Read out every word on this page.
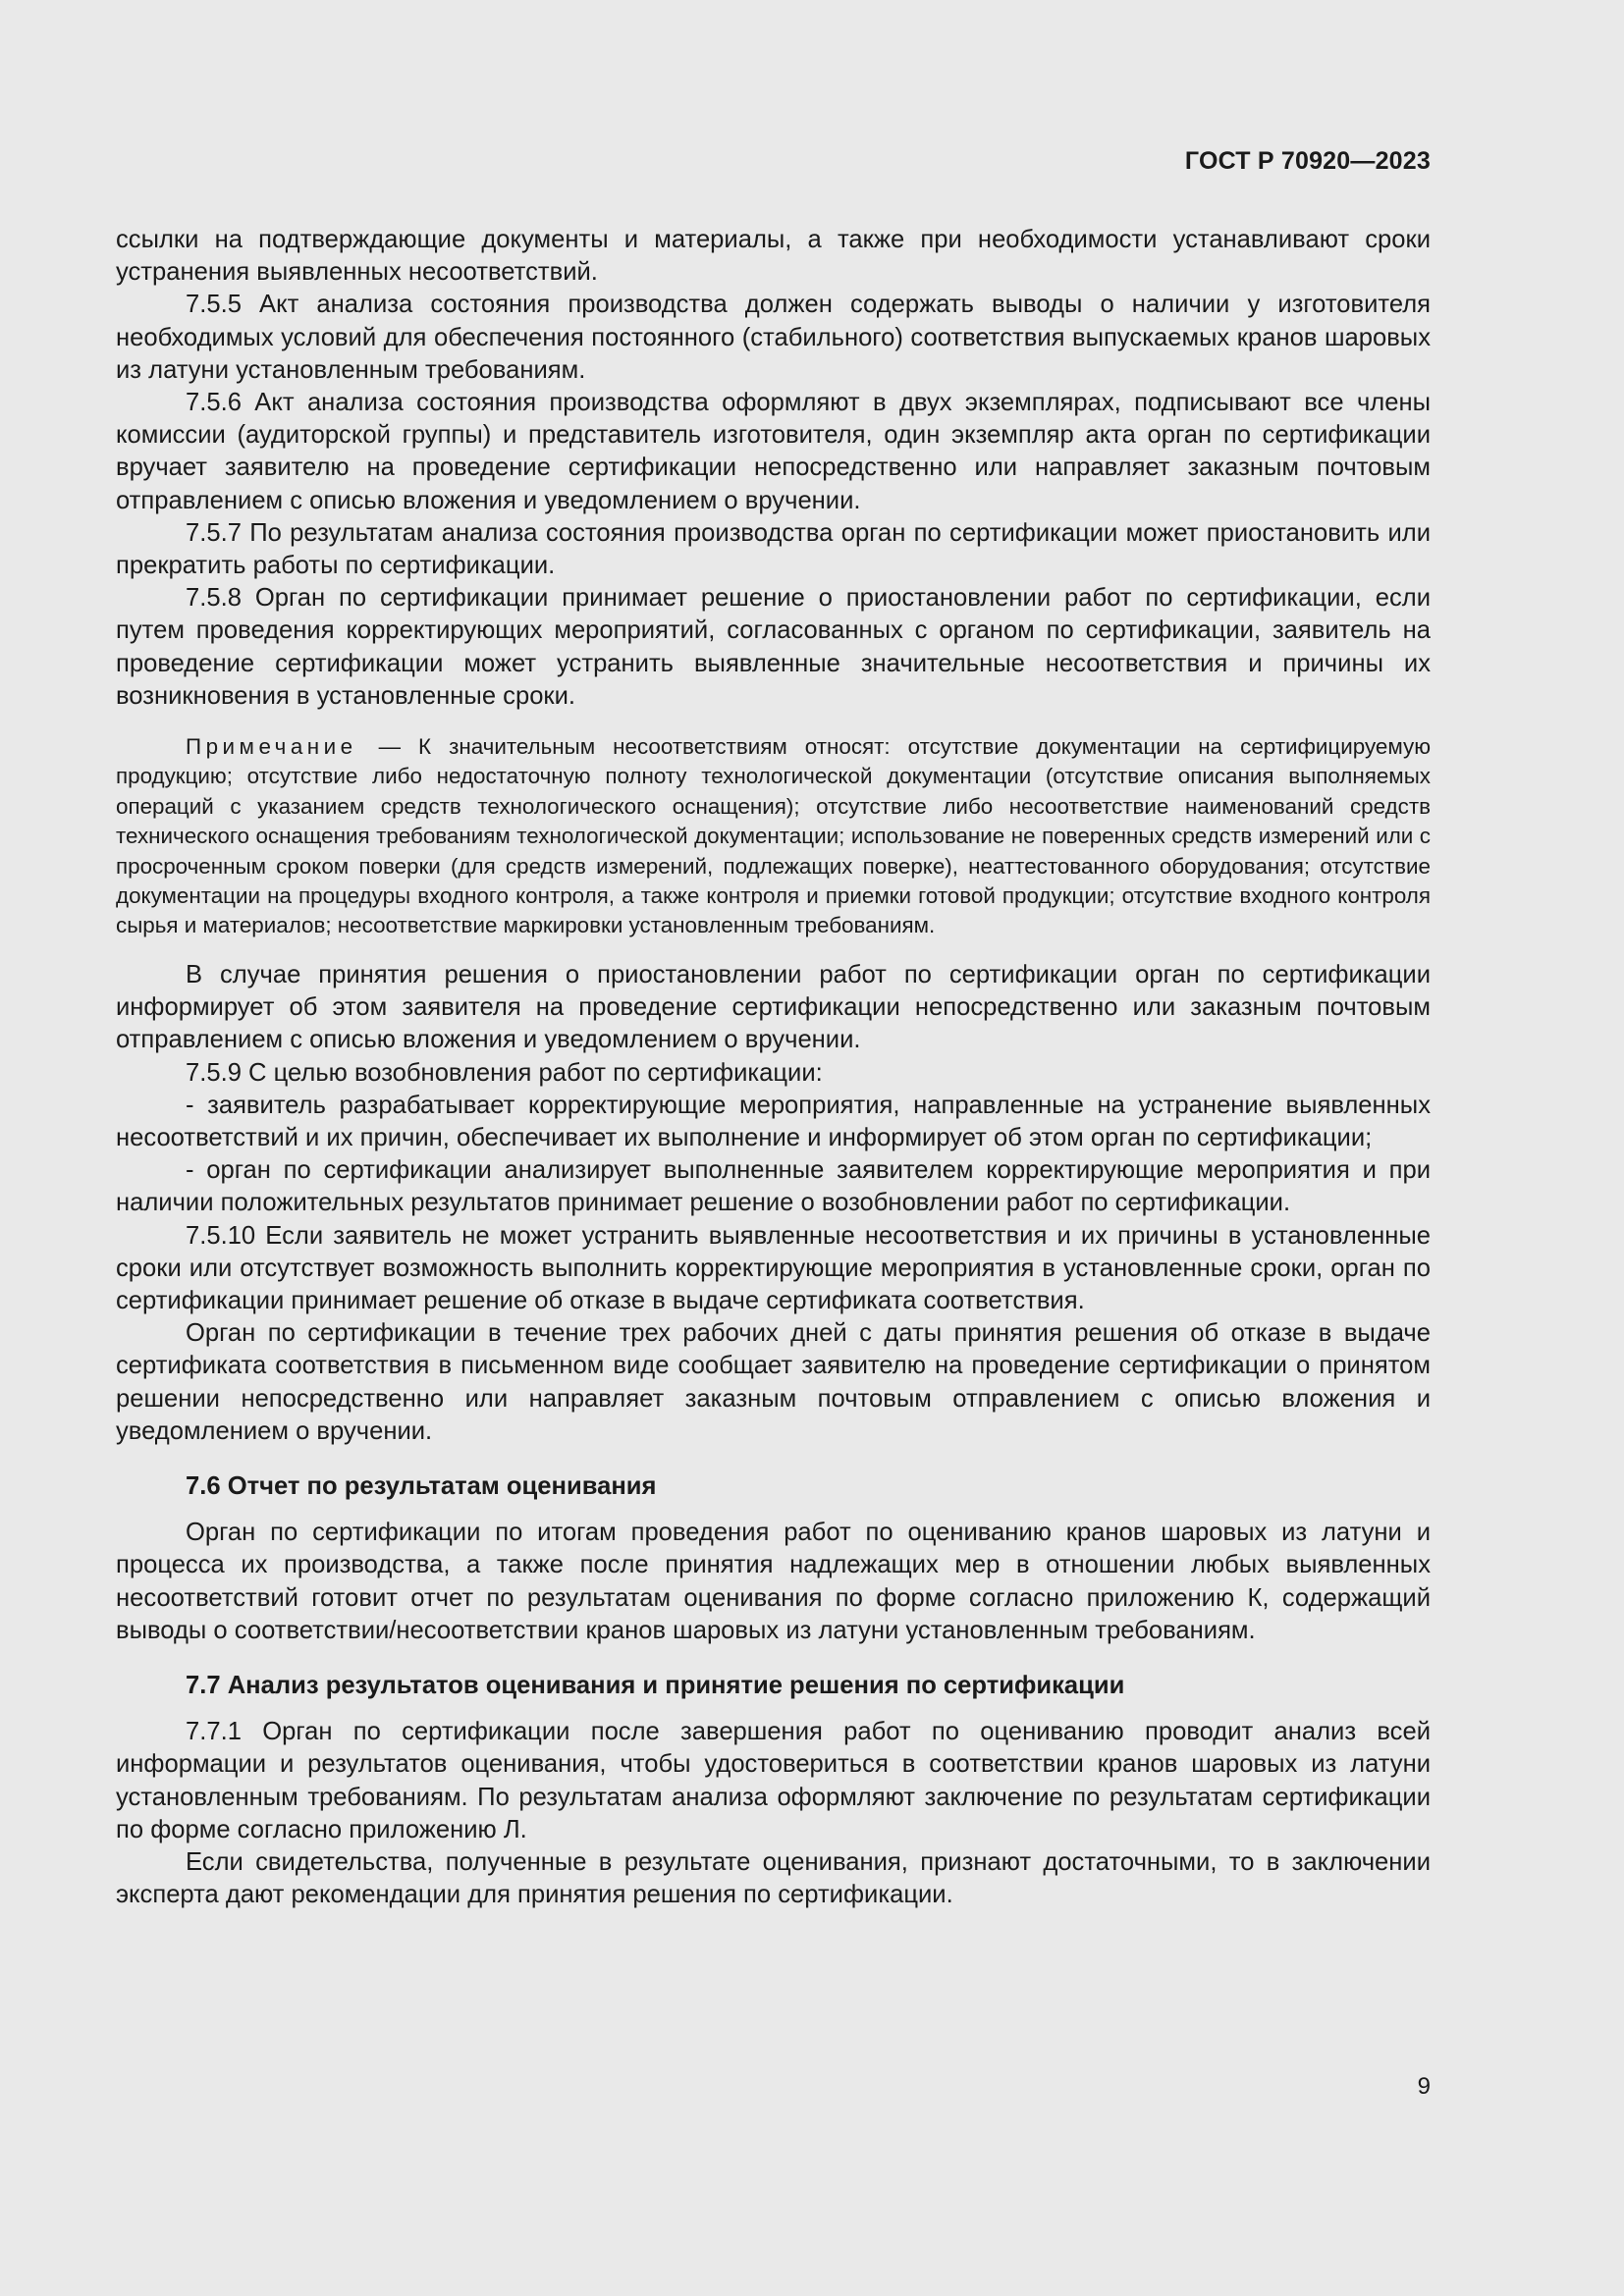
ГОСТ Р 70920—2023

ссылки на подтверждающие документы и материалы, а также при необходимости устанавливают сроки устранения выявленных несоответствий.

7.5.5 Акт анализа состояния производства должен содержать выводы о наличии у изготовителя необходимых условий для обеспечения постоянного (стабильного) соответствия выпускаемых кранов шаровых из латуни установленным требованиям.

7.5.6 Акт анализа состояния производства оформляют в двух экземплярах, подписывают все члены комиссии (аудиторской группы) и представитель изготовителя, один экземпляр акта орган по сертификации вручает заявителю на проведение сертификации непосредственно или направляет заказным почтовым отправлением с описью вложения и уведомлением о вручении.

7.5.7 По результатам анализа состояния производства орган по сертификации может приостановить или прекратить работы по сертификации.

7.5.8 Орган по сертификации принимает решение о приостановлении работ по сертификации, если путем проведения корректирующих мероприятий, согласованных с органом по сертификации, заявитель на проведение сертификации может устранить выявленные значительные несоответствия и причины их возникновения в установленные сроки.

Примечание — К значительным несоответствиям относят: отсутствие документации на сертифицируемую продукцию; отсутствие либо недостаточную полноту технологической документации (отсутствие описания выполняемых операций с указанием средств технологического оснащения); отсутствие либо несоответствие наименований средств технического оснащения требованиям технологической документации; использование не поверенных средств измерений или с просроченным сроком поверки (для средств измерений, подлежащих поверке), неаттестованного оборудования; отсутствие документации на процедуры входного контроля, а также контроля и приемки готовой продукции; отсутствие входного контроля сырья и материалов; несоответствие маркировки установленным требованиям.

В случае принятия решения о приостановлении работ по сертификации орган по сертификации информирует об этом заявителя на проведение сертификации непосредственно или заказным почтовым отправлением с описью вложения и уведомлением о вручении.

7.5.9 С целью возобновления работ по сертификации:

- заявитель разрабатывает корректирующие мероприятия, направленные на устранение выявленных несоответствий и их причин, обеспечивает их выполнение и информирует об этом орган по сертификации;

- орган по сертификации анализирует выполненные заявителем корректирующие мероприятия и при наличии положительных результатов принимает решение о возобновлении работ по сертификации.

7.5.10 Если заявитель не может устранить выявленные несоответствия и их причины в установленные сроки или отсутствует возможность выполнить корректирующие мероприятия в установленные сроки, орган по сертификации принимает решение об отказе в выдаче сертификата соответствия.

Орган по сертификации в течение трех рабочих дней с даты принятия решения об отказе в выдаче сертификата соответствия в письменном виде сообщает заявителю на проведение сертификации о принятом решении непосредственно или направляет заказным почтовым отправлением с описью вложения и уведомлением о вручении.

7.6 Отчет по результатам оценивания

Орган по сертификации по итогам проведения работ по оцениванию кранов шаровых из латуни и процесса их производства, а также после принятия надлежащих мер в отношении любых выявленных несоответствий готовит отчет по результатам оценивания по форме согласно приложению К, содержащий выводы о соответствии/несоответствии кранов шаровых из латуни установленным требованиям.

7.7 Анализ результатов оценивания и принятие решения по сертификации

7.7.1 Орган по сертификации после завершения работ по оцениванию проводит анализ всей информации и результатов оценивания, чтобы удостовериться в соответствии кранов шаровых из латуни установленным требованиям. По результатам анализа оформляют заключение по результатам сертификации по форме согласно приложению Л.

Если свидетельства, полученные в результате оценивания, признают достаточными, то в заключении эксперта дают рекомендации для принятия решения по сертификации.

9
